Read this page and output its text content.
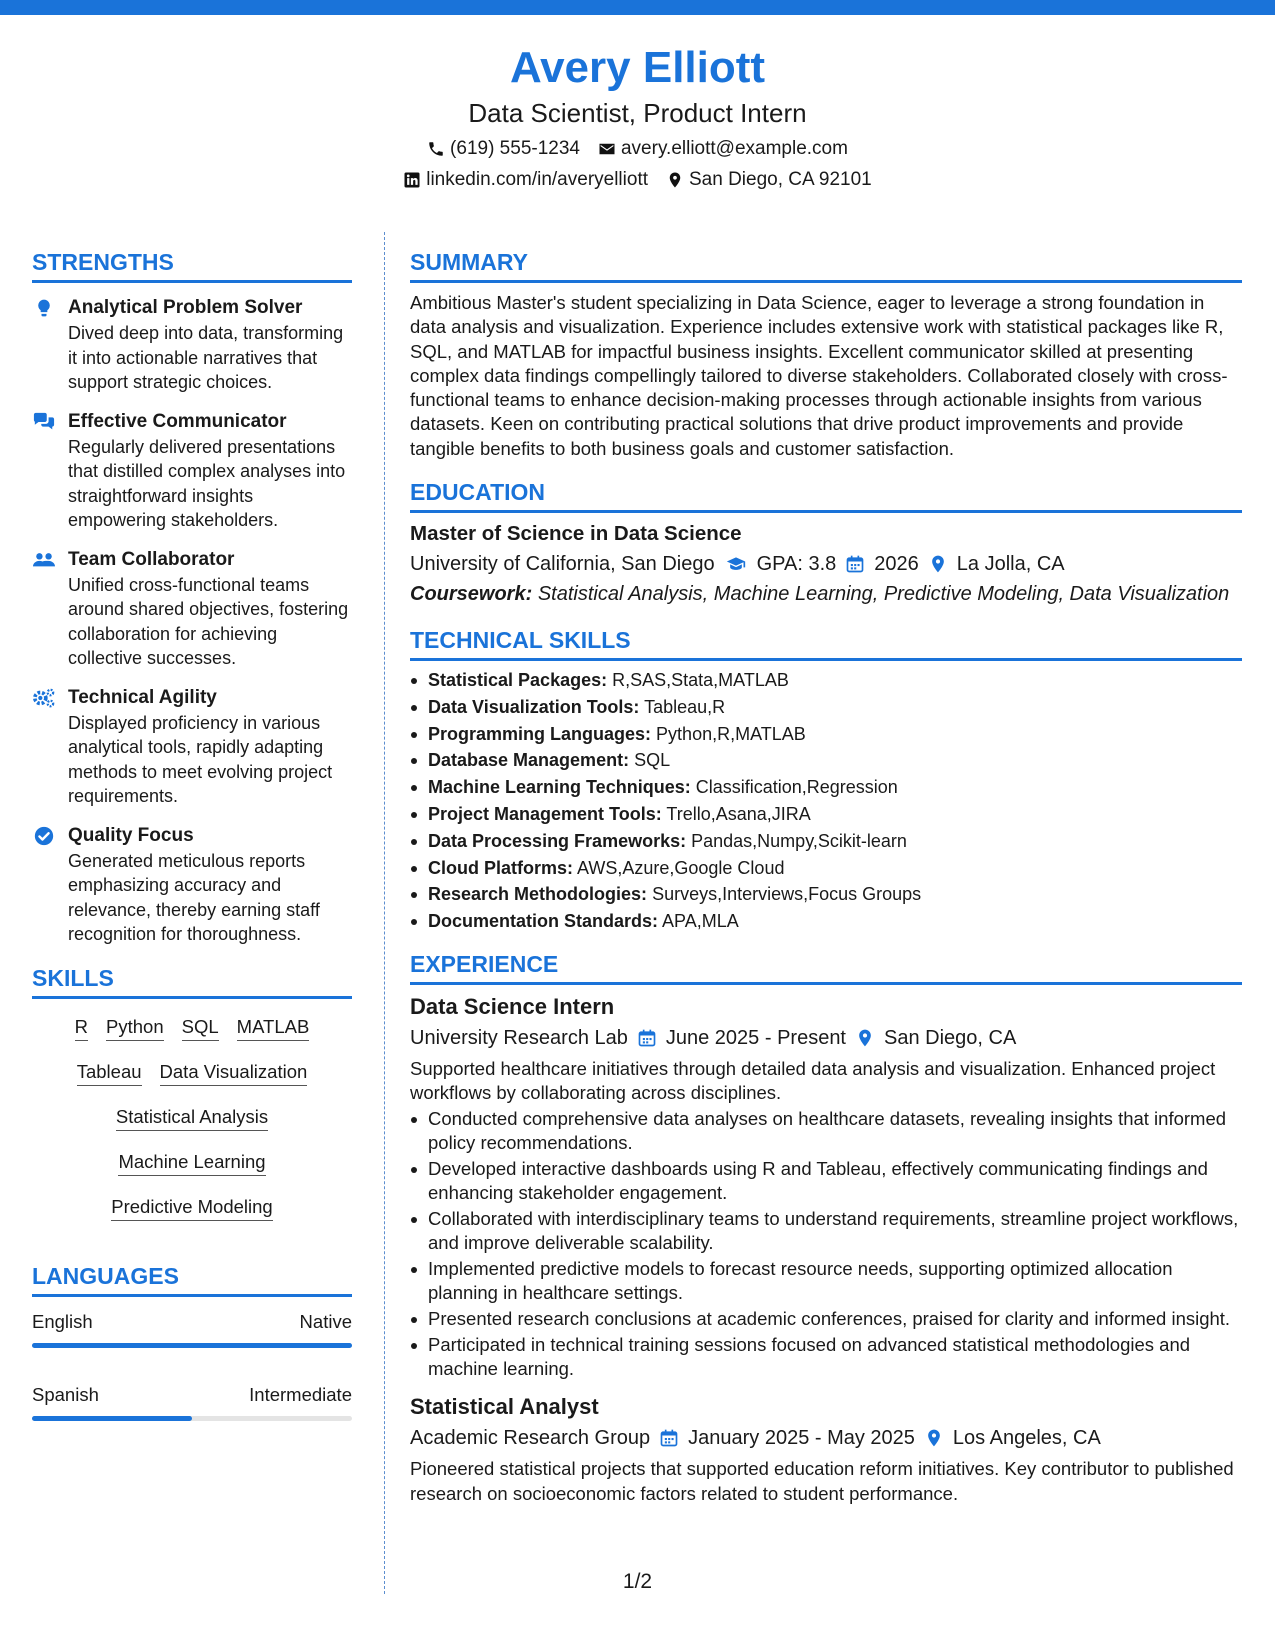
Avery Elliott
Data Scientist, Product Intern
(619) 555-1234 avery.elliott@example.com
linkedin.com/in/averyelliott San Diego, CA 92101
STRENGTHS
Analytical Problem Solver
Dived deep into data, transforming it into actionable narratives that support strategic choices.
Effective Communicator
Regularly delivered presentations that distilled complex analyses into straightforward insights empowering stakeholders.
Team Collaborator
Unified cross-functional teams around shared objectives, fostering collaboration for achieving collective successes.
Technical Agility
Displayed proficiency in various analytical tools, rapidly adapting methods to meet evolving project requirements.
Quality Focus
Generated meticulous reports emphasizing accuracy and relevance, thereby earning staff recognition for thoroughness.
SKILLS
R Python SQL MATLAB
Tableau Data Visualization
Statistical Analysis
Machine Learning
Predictive Modeling
LANGUAGES
English	Native
Spanish	Intermediate
SUMMARY
Ambitious Master's student specializing in Data Science, eager to leverage a strong foundation in data analysis and visualization. Experience includes extensive work with statistical packages like R, SQL, and MATLAB for impactful business insights. Excellent communicator skilled at presenting complex data findings compellingly tailored to diverse stakeholders. Collaborated closely with cross-functional teams to enhance decision-making processes through actionable insights from various datasets. Keen on contributing practical solutions that drive product improvements and provide tangible benefits to both business goals and customer satisfaction.
EDUCATION
Master of Science in Data Science
University of California, San Diego GPA: 3.8 2026 La Jolla, CA
Coursework: Statistical Analysis, Machine Learning, Predictive Modeling, Data Visualization
TECHNICAL SKILLS
Statistical Packages: R,SAS,Stata,MATLAB
Data Visualization Tools: Tableau,R
Programming Languages: Python,R,MATLAB
Database Management: SQL
Machine Learning Techniques: Classification,Regression
Project Management Tools: Trello,Asana,JIRA
Data Processing Frameworks: Pandas,Numpy,Scikit-learn
Cloud Platforms: AWS,Azure,Google Cloud
Research Methodologies: Surveys,Interviews,Focus Groups
Documentation Standards: APA,MLA
EXPERIENCE
Data Science Intern
University Research Lab June 2025 - Present San Diego, CA
Supported healthcare initiatives through detailed data analysis and visualization. Enhanced project workflows by collaborating across disciplines.
Conducted comprehensive data analyses on healthcare datasets, revealing insights that informed policy recommendations.
Developed interactive dashboards using R and Tableau, effectively communicating findings and enhancing stakeholder engagement.
Collaborated with interdisciplinary teams to understand requirements, streamline project workflows, and improve deliverable scalability.
Implemented predictive models to forecast resource needs, supporting optimized allocation planning in healthcare settings.
Presented research conclusions at academic conferences, praised for clarity and informed insight.
Participated in technical training sessions focused on advanced statistical methodologies and machine learning.
Statistical Analyst
Academic Research Group January 2025 - May 2025 Los Angeles, CA
Pioneered statistical projects that supported education reform initiatives. Key contributor to published research on socioeconomic factors related to student performance.
1/2
